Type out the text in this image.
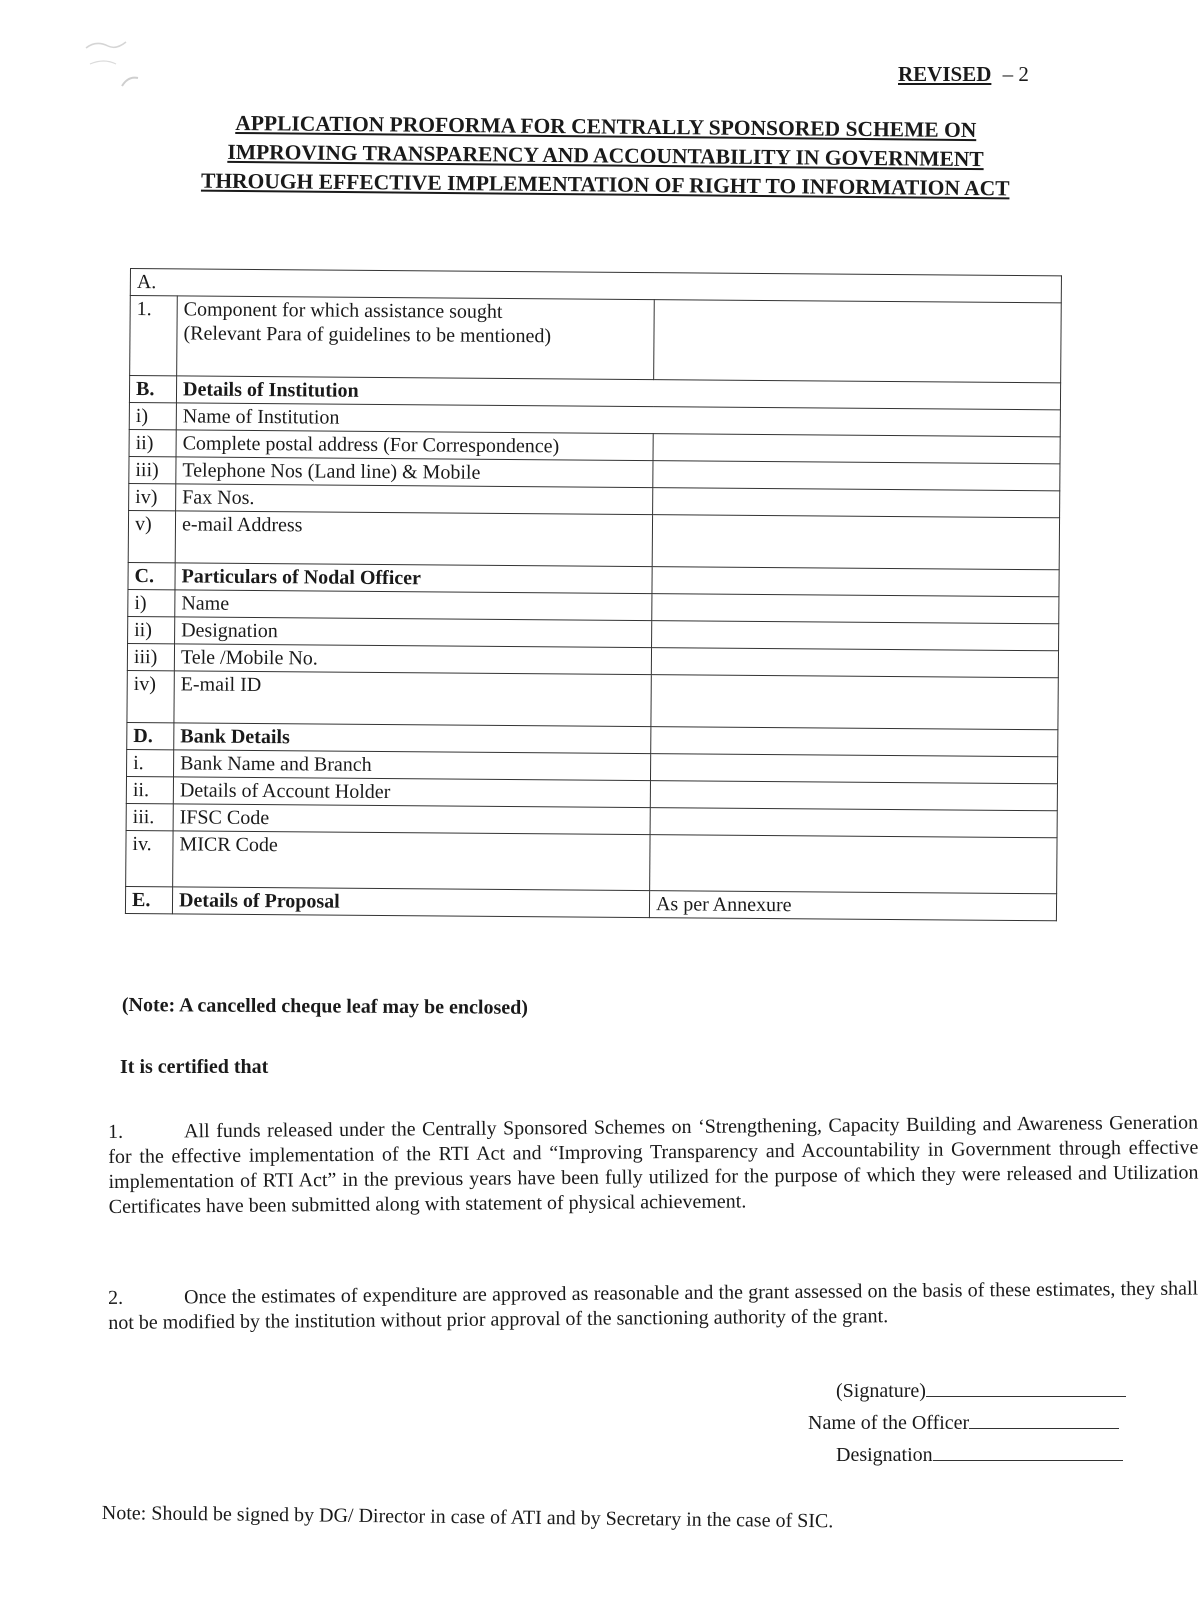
REVISED – 2
APPLICATION PROFORMA FOR CENTRALLY SPONSORED SCHEME ON
IMPROVING TRANSPARENCY AND ACCOUNTABILITY IN GOVERNMENT
THROUGH EFFECTIVE IMPLEMENTATION OF RIGHT TO INFORMATION ACT
A.		
1.	Component for which assistance sought
(Relevant Para of guidelines to be mentioned)	

B.	Details of Institution	
i)	Name of Institution	
ii)	Complete postal address (For Correspondence)	
iii)	Telephone Nos (Land line) & Mobile	
iv)	Fax Nos.	
v)	e-mail Address	
C.	Particulars of Nodal Officer	
i)	Name	
ii)	Designation	
iii)	Tele /Mobile No.	
iv)	E-mail ID	
D.	Bank Details	
i.	Bank Name and Branch	
ii.	Details of Account Holder	
iii.	IFSC Code	
iv.	MICR Code	
E.	Details of Proposal	As per Annexure
(Note: A cancelled cheque leaf may be enclosed)
It is certified that
1.	All funds released under the Centrally Sponsored Schemes on ‘Strengthening, Capacity Building and Awareness Generation for the effective implementation of the RTI Act and “Improving Transparency and Accountability in Government through effective implementation of RTI Act” in the previous years have been fully utilized for the purpose of which they were released and Utilization Certificates have been submitted along with statement of physical achievement.
2.	Once the estimates of expenditure are approved as reasonable and the grant assessed on the basis of these estimates, they shall not be modified by the institution without prior approval of the sanctioning authority of the grant.
(Signature)
Name of the Officer
Designation
Note: Should be signed by DG/ Director in case of ATI and by Secretary in the case of SIC.
